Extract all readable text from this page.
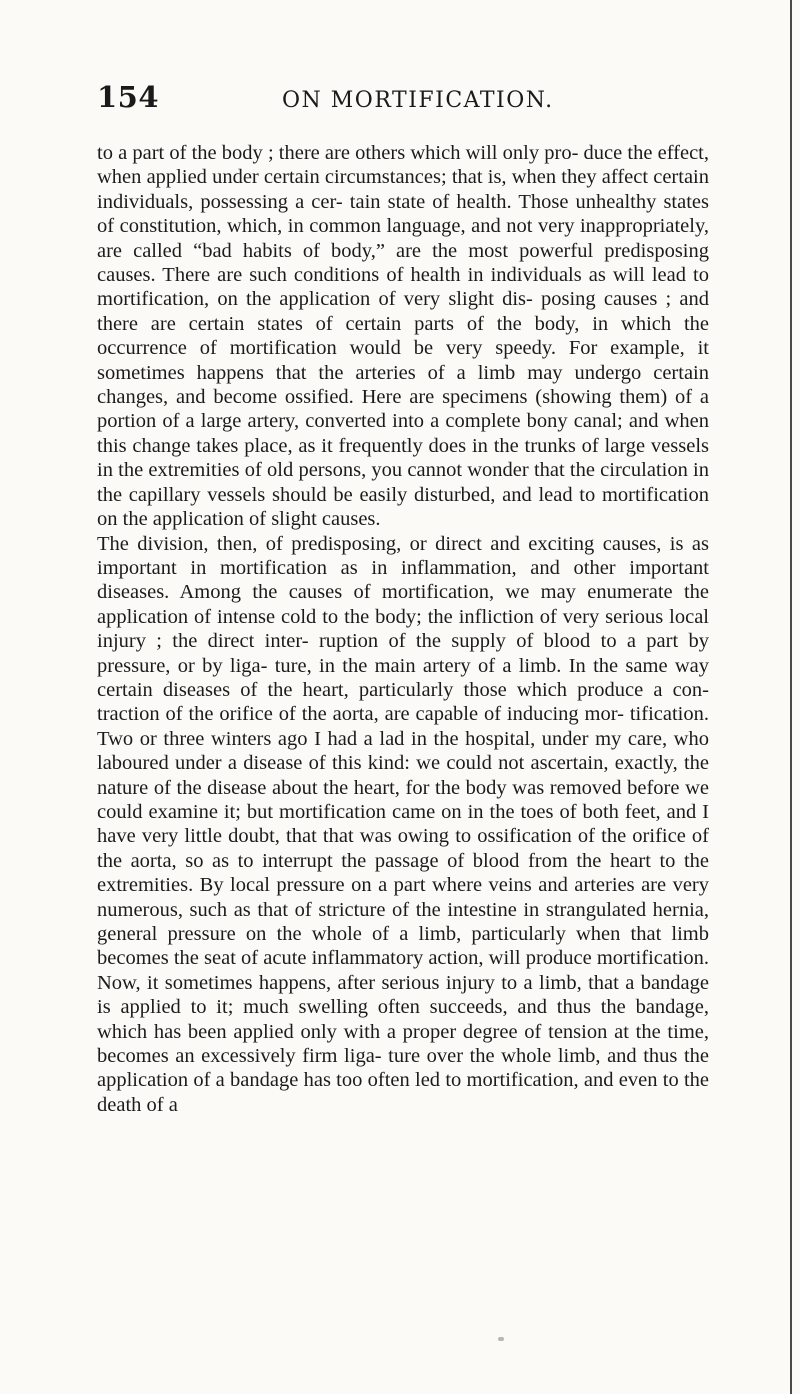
154	ON MORTIFICATION.

to a part of the body ; there are others which will only pro- duce the effect, when applied under certain circumstances; that is, when they affect certain individuals, possessing a cer- tain state of health. Those unhealthy states of constitution, which, in common language, and not very inappropriately, are called “bad habits of body,” are the most powerful predisposing causes. There are such conditions of health in individuals as will lead to mortification, on the application of very slight dis- posing causes ; and there are certain states of certain parts of the body, in which the occurrence of mortification would be very speedy. For example, it sometimes happens that the arteries of a limb may undergo certain changes, and become ossified. Here are specimens (showing them) of a portion of a large artery, converted into a complete bony canal; and when this change takes place, as it frequently does in the trunks of large vessels in the extremities of old persons, you cannot wonder that the circulation in the capillary vessels should be easily disturbed, and lead to mortification on the application of slight causes.

The division, then, of predisposing, or direct and exciting causes, is as important in mortification as in inflammation, and other important diseases. Among the causes of mortification, we may enumerate the application of intense cold to the body; the infliction of very serious local injury ; the direct inter- ruption of the supply of blood to a part by pressure, or by liga- ture, in the main artery of a limb. In the same way certain diseases of the heart, particularly those which produce a con- traction of the orifice of the aorta, are capable of inducing mor- tification. Two or three winters ago I had a lad in the hospital, under my care, who laboured under a disease of this kind: we could not ascertain, exactly, the nature of the disease about the heart, for the body was removed before we could examine it; but mortification came on in the toes of both feet, and I have very little doubt, that that was owing to ossification of the orifice of the aorta, so as to interrupt the passage of blood from the heart to the extremities. By local pressure on a part where veins and arteries are very numerous, such as that of stricture of the intestine in strangulated hernia, general pressure on the whole of a limb, particularly when that limb becomes the seat of acute inflammatory action, will produce mortification. Now, it sometimes happens, after serious injury to a limb, that a bandage is applied to it; much swelling often succeeds, and thus the bandage, which has been applied only with a proper degree of tension at the time, becomes an excessively firm liga- ture over the whole limb, and thus the application of a bandage has too often led to mortification, and even to the death of a
